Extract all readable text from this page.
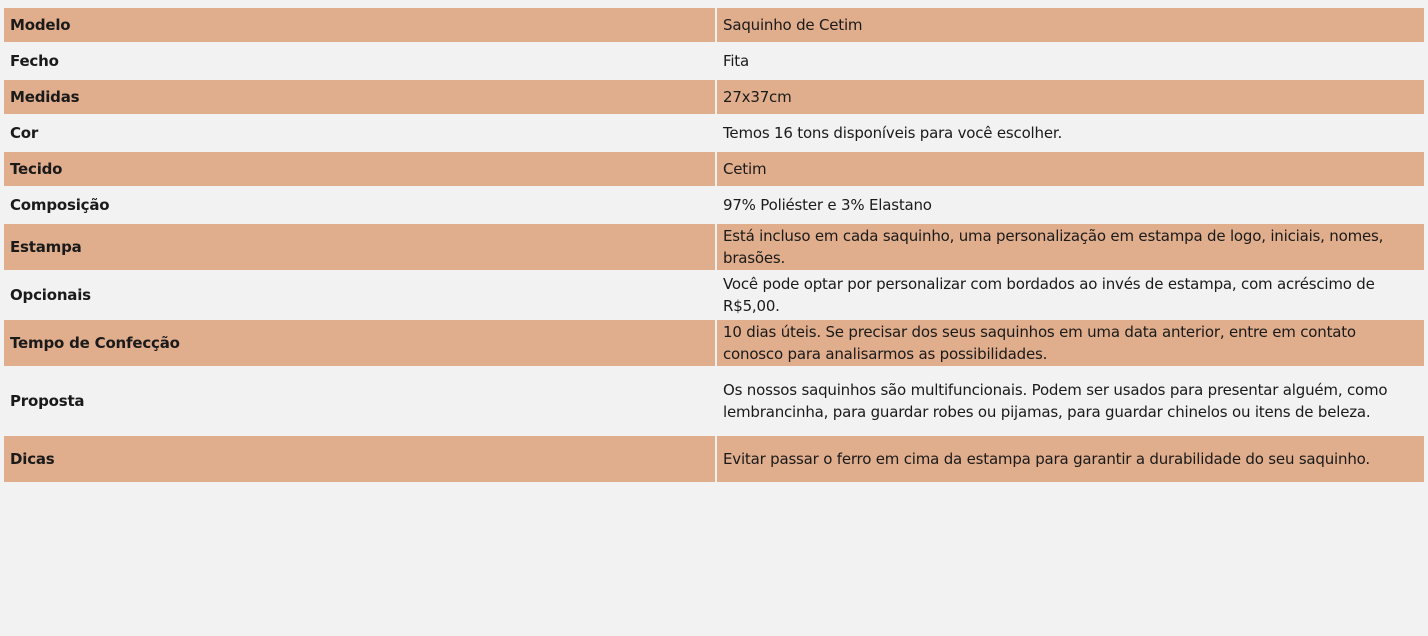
Modelo	Saquinho de Cetim
Fecho	Fita
Medidas	27x37cm
Cor	Temos 16 tons disponíveis para você escolher.
Tecido	Cetim
Composição	97% Poliéster e 3% Elastano
Estampa	Está incluso em cada saquinho, uma personalização em estampa de logo, iniciais, nomes, brasões.
Opcionais	Você pode optar por personalizar com bordados ao invés de estampa, com acréscimo de R$5,00.
Tempo de Confecção	10 dias úteis. Se precisar dos seus saquinhos em uma data anterior, entre em contato conosco para analisarmos as possibilidades.
Proposta	Os nossos saquinhos são multifuncionais. Podem ser usados para presentar alguém, como lembrancinha, para guardar robes ou pijamas, para guardar chinelos ou itens de beleza.
Dicas	Evitar passar o ferro em cima da estampa para garantir a durabilidade do seu saquinho.
